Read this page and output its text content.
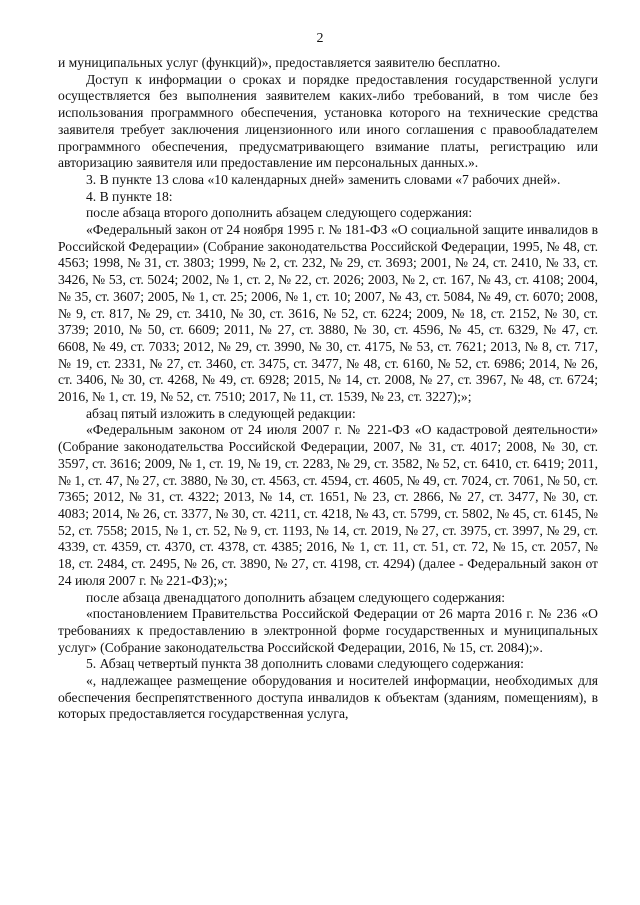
2

и муниципальных услуг (функций)», предоставляется заявителю бесплатно.

Доступ к информации о сроках и порядке предоставления государственной услуги осуществляется без выполнения заявителем каких-либо требований, в том числе без использования программного обеспечения, установка которого на технические средства заявителя требует заключения лицензионного или иного соглашения с правообладателем программного обеспечения, предусматривающего взимание платы, регистрацию или авторизацию заявителя или предоставление им персональных данных.».

3. В пункте 13 слова «10 календарных дней» заменить словами «7 рабочих дней».

4. В пункте 18:

после абзаца второго дополнить абзацем следующего содержания:

«Федеральный закон от 24 ноября 1995 г. № 181-ФЗ «О социальной защите инвалидов в Российской Федерации» (Собрание законодательства Российской Федерации, 1995, № 48, ст. 4563; 1998, № 31, ст. 3803; 1999, № 2, ст. 232, № 29, ст. 3693; 2001, № 24, ст. 2410, № 33, ст. 3426, № 53, ст. 5024; 2002, № 1, ст. 2, № 22, ст. 2026; 2003, № 2, ст. 167, № 43, ст. 4108; 2004, № 35, ст. 3607; 2005, № 1, ст. 25; 2006, № 1, ст. 10; 2007, № 43, ст. 5084, № 49, ст. 6070; 2008, № 9, ст. 817, № 29, ст. 3410, № 30, ст. 3616, № 52, ст. 6224; 2009, № 18, ст. 2152, № 30, ст. 3739; 2010, № 50, ст. 6609; 2011, № 27, ст. 3880, № 30, ст. 4596, № 45, ст. 6329, № 47, ст. 6608, № 49, ст. 7033; 2012, № 29, ст. 3990, № 30, ст. 4175, № 53, ст. 7621; 2013, № 8, ст. 717, № 19, ст. 2331, № 27, ст. 3460, ст. 3475, ст. 3477, № 48, ст. 6160, № 52, ст. 6986; 2014, № 26, ст. 3406, № 30, ст. 4268, № 49, ст. 6928; 2015, № 14, ст. 2008, № 27, ст. 3967, № 48, ст. 6724; 2016, № 1, ст. 19, № 52, ст. 7510; 2017, № 11, ст. 1539, № 23, ст. 3227);»;

абзац пятый изложить в следующей редакции:

«Федеральным законом от 24 июля 2007 г. № 221-ФЗ «О кадастровой деятельности» (Собрание законодательства Российской Федерации, 2007, № 31, ст. 4017; 2008, № 30, ст. 3597, ст. 3616; 2009, № 1, ст. 19, № 19, ст. 2283, № 29, ст. 3582, № 52, ст. 6410, ст. 6419; 2011, № 1, ст. 47, № 27, ст. 3880, № 30, ст. 4563, ст. 4594, ст. 4605, № 49, ст. 7024, ст. 7061, № 50, ст. 7365; 2012, № 31, ст. 4322; 2013, № 14, ст. 1651, № 23, ст. 2866, № 27, ст. 3477, № 30, ст. 4083; 2014, № 26, ст. 3377, № 30, ст. 4211, ст. 4218, № 43, ст. 5799, ст. 5802, № 45, ст. 6145, № 52, ст. 7558; 2015, № 1, ст. 52, № 9, ст. 1193, № 14, ст. 2019, № 27, ст. 3975, ст. 3997, № 29, ст. 4339, ст. 4359, ст. 4370, ст. 4378, ст. 4385; 2016, № 1, ст. 11, ст. 51, ст. 72, № 15, ст. 2057, № 18, ст. 2484, ст. 2495, № 26, ст. 3890, № 27, ст. 4198, ст. 4294) (далее - Федеральный закон от 24 июля 2007 г. № 221-ФЗ);»;

после абзаца двенадцатого дополнить абзацем следующего содержания:

«постановлением Правительства Российской Федерации от 26 марта 2016 г. № 236 «О требованиях к предоставлению в электронной форме государственных и муниципальных услуг» (Собрание законодательства Российской Федерации, 2016, № 15, ст. 2084);».

5. Абзац четвертый пункта 38 дополнить словами следующего содержания:

«, надлежащее размещение оборудования и носителей информации, необходимых для обеспечения беспрепятственного доступа инвалидов к объектам (зданиям, помещениям), в которых предоставляется государственная услуга,
